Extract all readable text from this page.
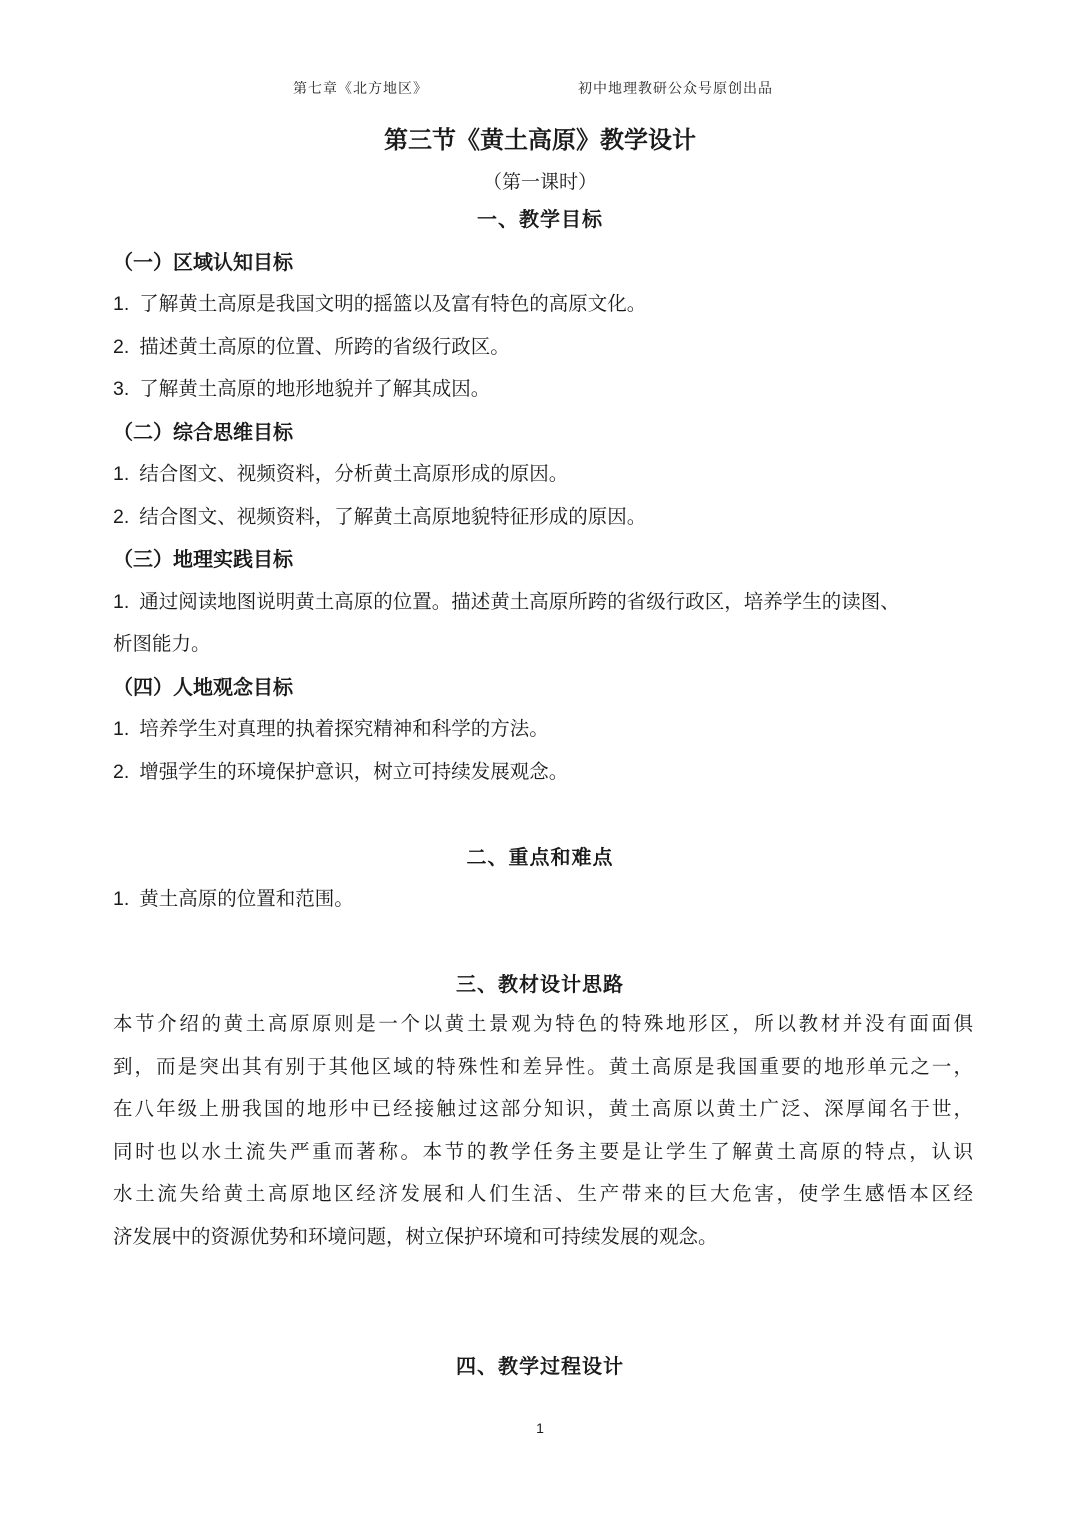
第七章《北方地区》	初中地理教研公众号原创出品
第三节《黄土高原》教学设计
（第一课时）
一、教学目标
（一）区域认知目标
1. 了解黄土高原是我国文明的摇篮以及富有特色的高原文化。
2. 描述黄土高原的位置、所跨的省级行政区。
3. 了解黄土高原的地形地貌并了解其成因。
（二）综合思维目标
1. 结合图文、视频资料，分析黄土高原形成的原因。
2. 结合图文、视频资料，了解黄土高原地貌特征形成的原因。
（三）地理实践目标
1. 通过阅读地图说明黄土高原的位置。描述黄土高原所跨的省级行政区，培养学生的读图、
析图能力。
（四）人地观念目标
1. 培养学生对真理的执着探究精神和科学的方法。
2. 增强学生的环境保护意识，树立可持续发展观念。
二、重点和难点
1. 黄土高原的位置和范围。
三、教材设计思路
本节介绍的黄土高原原则是一个以黄土景观为特色的特殊地形区，所以教材并没有面面俱
到，而是突出其有别于其他区域的特殊性和差异性。黄土高原是我国重要的地形单元之一，
在八年级上册我国的地形中已经接触过这部分知识，黄土高原以黄土广泛、深厚闻名于世，
同时也以水土流失严重而著称。本节的教学任务主要是让学生了解黄土高原的特点，认识
水土流失给黄土高原地区经济发展和人们生活、生产带来的巨大危害，使学生感悟本区经
济发展中的资源优势和环境问题，树立保护环境和可持续发展的观念。
四、教学过程设计
1
